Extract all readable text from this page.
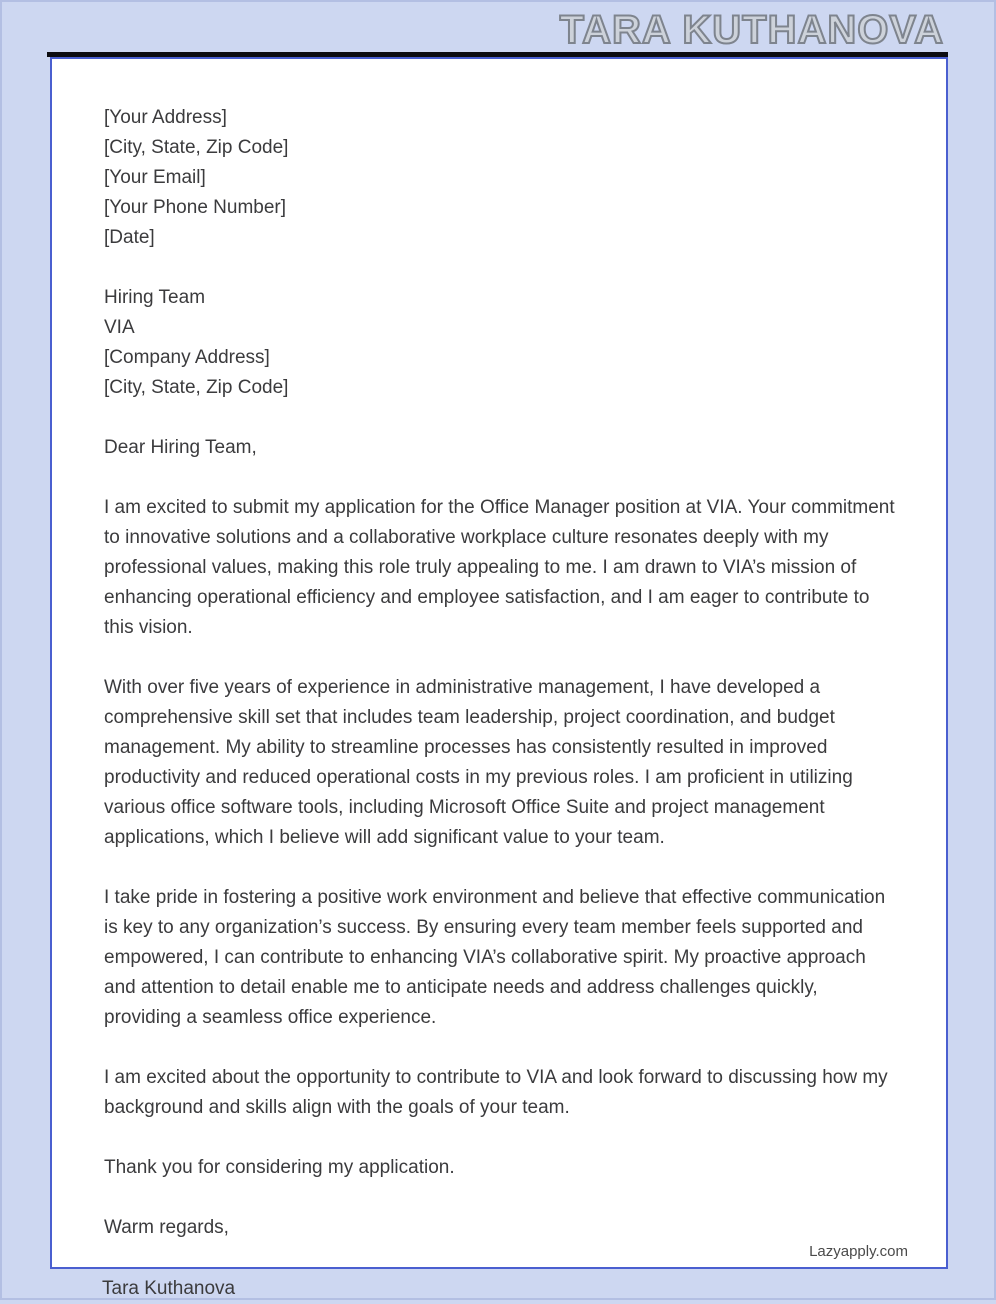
TARA KUTHANOVA
[Your Address]
[City, State, Zip Code]
[Your Email]
[Your Phone Number]
[Date]
Hiring Team
VIA
[Company Address]
[City, State, Zip Code]
Dear Hiring Team,

I am excited to submit my application for the Office Manager position at VIA. Your commitment to innovative solutions and a collaborative workplace culture resonates deeply with my professional values, making this role truly appealing to me. I am drawn to VIA’s mission of enhancing operational efficiency and employee satisfaction, and I am eager to contribute to this vision.

With over five years of experience in administrative management, I have developed a comprehensive skill set that includes team leadership, project coordination, and budget management. My ability to streamline processes has consistently resulted in improved productivity and reduced operational costs in my previous roles. I am proficient in utilizing various office software tools, including Microsoft Office Suite and project management applications, which I believe will add significant value to your team.

I take pride in fostering a positive work environment and believe that effective communication is key to any organization’s success. By ensuring every team member feels supported and empowered, I can contribute to enhancing VIA’s collaborative spirit. My proactive approach and attention to detail enable me to anticipate needs and address challenges quickly, providing a seamless office experience.

I am excited about the opportunity to contribute to VIA and look forward to discussing how my background and skills align with the goals of your team.

Thank you for considering my application.

Warm regards,
Lazyapply.com
Tara Kuthanova
